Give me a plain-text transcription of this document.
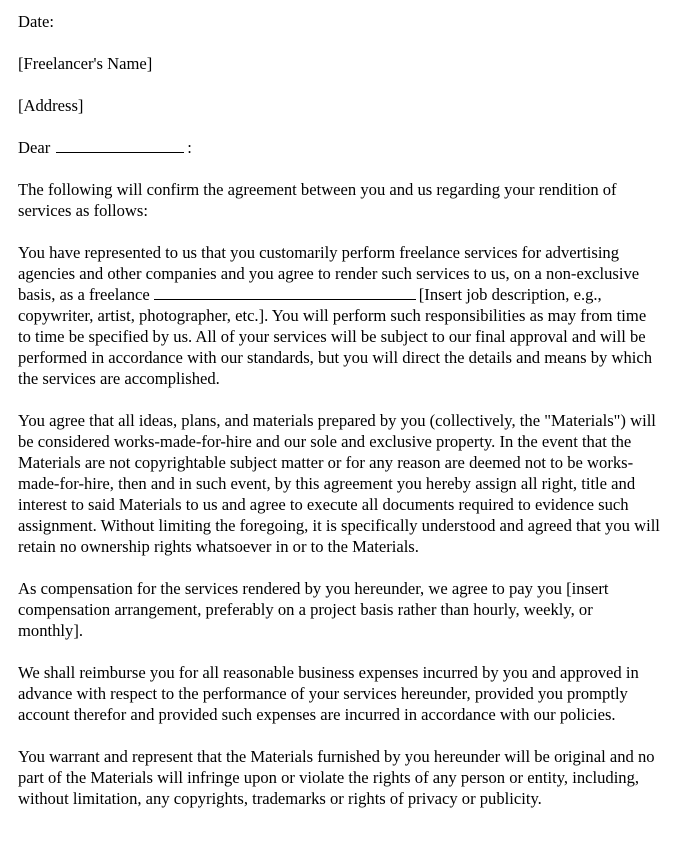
Date:
[Freelancer's Name]
[Address]
Dear	:

The following will confirm the agreement between you and us regarding your rendition of services as follows:

You have represented to us that you customarily perform freelance services for advertising agencies and other companies and you agree to render such services to us, on a non-exclusive basis, as a freelance	[Insert job description, e.g., copywriter, artist, photographer, etc.]. You will perform such responsibilities as may from time to time be specified by us. All of your services will be subject to our final approval and will be performed in accordance with our standards, but you will direct the details and means by which the services are accomplished.

You agree that all ideas, plans, and materials prepared by you (collectively, the "Materials") will be considered works-made-for-hire and our sole and exclusive property. In the event that the Materials are not copyrightable subject matter or for any reason are deemed not to be works-made-for-hire, then and in such event, by this agreement you hereby assign all right, title and interest to said Materials to us and agree to execute all documents required to evidence such assignment. Without limiting the foregoing, it is specifically understood and agreed that you will retain no ownership rights whatsoever in or to the Materials.

As compensation for the services rendered by you hereunder, we agree to pay you [insert compensation arrangement, preferably on a project basis rather than hourly, weekly, or monthly].

We shall reimburse you for all reasonable business expenses incurred by you and approved in advance with respect to the performance of your services hereunder, provided you promptly account therefor and provided such expenses are incurred in accordance with our policies.

You warrant and represent that the Materials furnished by you hereunder will be original and no part of the Materials will infringe upon or violate the rights of any person or entity, including, without limitation, any copyrights, trademarks or rights of privacy or publicity.
